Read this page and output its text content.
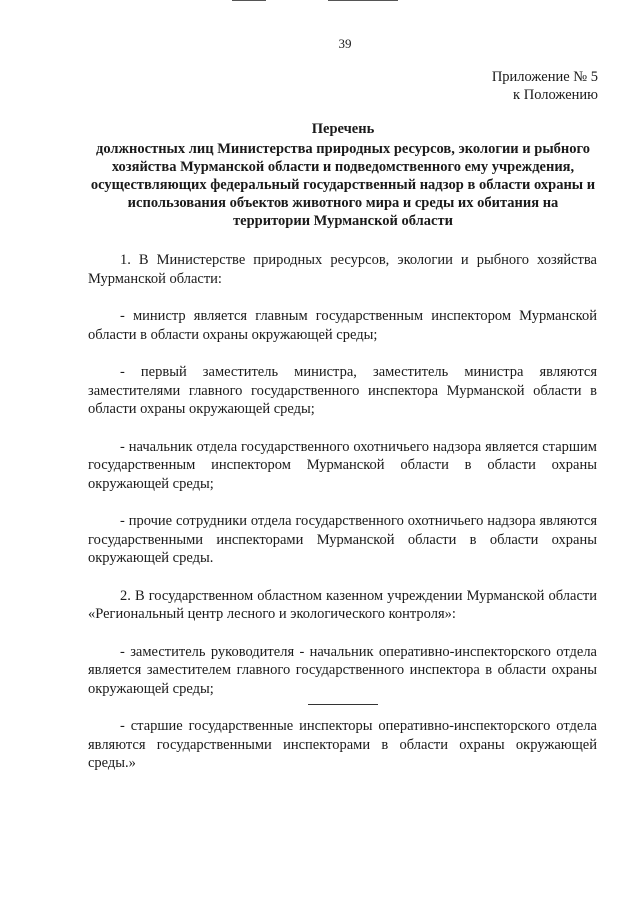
39
Приложение № 5
к Положению
Перечень
должностных лиц Министерства природных ресурсов, экологии и рыбного хозяйства Мурманской области и подведомственного ему учреждения, осуществляющих федеральный государственный надзор в области охраны и использования объектов животного мира и среды их обитания на территории Мурманской области

1. В Министерстве природных ресурсов, экологии и рыбного хозяйства Мурманской области:

- министр является главным государственным инспектором Мурманской области в области охраны окружающей среды;

- первый заместитель министра, заместитель министра являются заместителями главного государственного инспектора Мурманской области в области охраны окружающей среды;

- начальник отдела государственного охотничьего надзора является старшим государственным инспектором Мурманской области в области охраны окружающей среды;

- прочие сотрудники отдела государственного охотничьего надзора являются государственными инспекторами Мурманской области в области охраны окружающей среды.

2. В государственном областном казенном учреждении Мурманской области «Региональный центр лесного и экологического контроля»:

- заместитель руководителя - начальник оперативно-инспекторского отдела является заместителем главного государственного инспектора в области охраны окружающей среды;

- старшие государственные инспекторы оперативно-инспекторского отдела являются государственными инспекторами в области охраны окружающей среды.»
